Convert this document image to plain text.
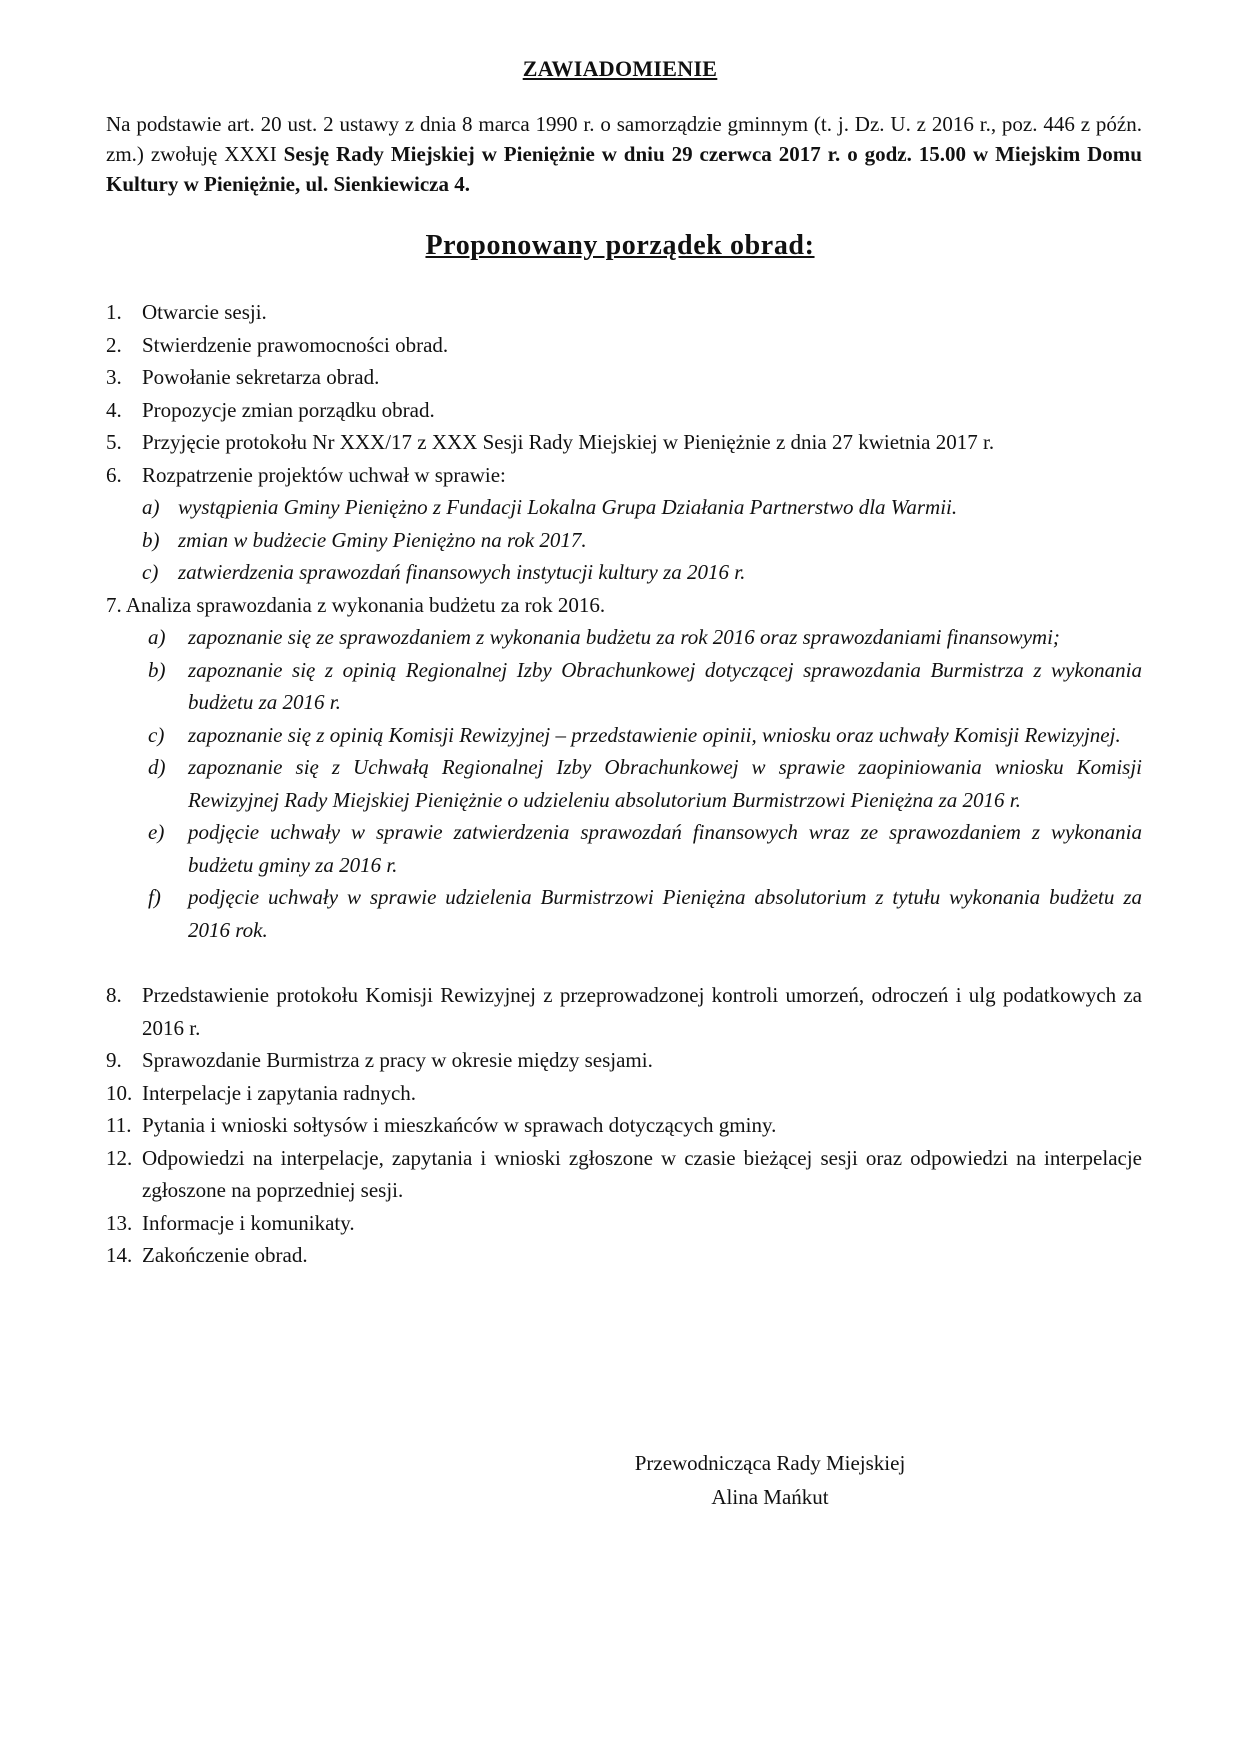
ZAWIADOMIENIE

Na podstawie art. 20 ust. 2 ustawy z dnia 8 marca 1990 r. o samorządzie gminnym (t. j. Dz. U. z 2016 r., poz. 446 z późn. zm.) zwołuję XXXI Sesję Rady Miejskiej w Pieniężnie w dniu 29 czerwca 2017 r. o godz. 15.00 w Miejskim Domu Kultury w Pieniężnie, ul. Sienkiewicza 4.

Proponowany porządek obrad:
1. Otwarcie sesji.
2. Stwierdzenie prawomocności obrad.
3. Powołanie sekretarza obrad.
4. Propozycje zmian porządku obrad.
5. Przyjęcie protokołu Nr XXX/17 z XXX Sesji Rady Miejskiej w Pieniężnie z dnia 27 kwietnia 2017 r.
6. Rozpatrzenie projektów uchwał w sprawie:
a) wystąpienia Gminy Pieniężno z Fundacji Lokalna Grupa Działania Partnerstwo dla Warmii.
b) zmian w budżecie Gminy Pieniężno na rok 2017.
c) zatwierdzenia sprawozdań finansowych instytucji kultury za 2016 r.
7. Analiza sprawozdania z wykonania budżetu za rok 2016.
a) zapoznanie się ze sprawozdaniem z wykonania budżetu za rok 2016 oraz sprawozdaniami finansowymi;
b) zapoznanie się z opinią Regionalnej Izby Obrachunkowej dotyczącej sprawozdania Burmistrza z wykonania budżetu za 2016 r.
c) zapoznanie się z opinią Komisji Rewizyjnej – przedstawienie opinii, wniosku oraz uchwały Komisji Rewizyjnej.
d) zapoznanie się z Uchwałą Regionalnej Izby Obrachunkowej w sprawie zaopiniowania wniosku Komisji Rewizyjnej Rady Miejskiej Pieniężnie o udzieleniu absolutorium Burmistrzowi Pieniężna za 2016 r.
e) podjęcie uchwały w sprawie zatwierdzenia sprawozdań finansowych wraz ze sprawozdaniem z wykonania budżetu gminy za 2016 r.
f) podjęcie uchwały w sprawie udzielenia Burmistrzowi Pieniężna absolutorium z tytułu wykonania budżetu za 2016 rok.
8. Przedstawienie protokołu Komisji Rewizyjnej z przeprowadzonej kontroli umorzeń, odroczeń i ulg podatkowych za 2016 r.
9. Sprawozdanie Burmistrza z pracy w okresie między sesjami.
10. Interpelacje i zapytania radnych.
11. Pytania i wnioski sołtysów i mieszkańców w sprawach dotyczących gminy.
12. Odpowiedzi na interpelacje, zapytania i wnioski zgłoszone w czasie bieżącej sesji oraz odpowiedzi na interpelacje zgłoszone na poprzedniej sesji.
13. Informacje i komunikaty.
14. Zakończenie obrad.
Przewodnicząca Rady Miejskiej
Alina Mańkut
